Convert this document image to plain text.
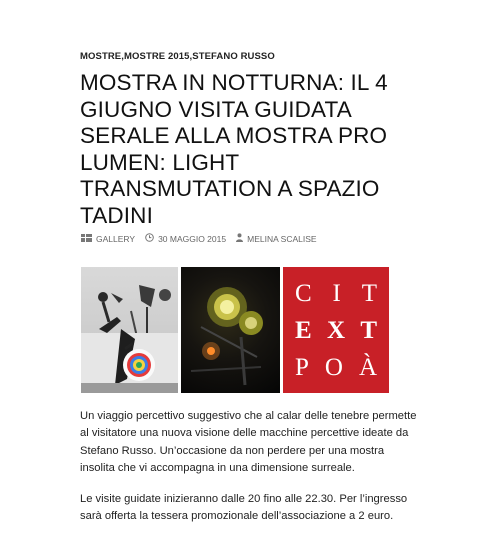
MOSTRE,MOSTRE 2015,STEFANO RUSSO
MOSTRA IN NOTTURNA: IL 4 GIUGNO VISITA GUIDATA SERALE ALLA MOSTRA PRO LUMEN: LIGHT TRANSMUTATION A SPAZIO TADINI
GALLERY	30 MAGGIO 2015 MELINA SCALISE
C I T
E X T
P O À

Un viaggio percettivo suggestivo che al calar delle tenebre permette al visitatore una nuova visione delle macchine percettive ideate da Stefano Russo. Un’occasione da non perdere per una mostra insolita che vi accompagna in una dimensione surreale.

Le visite guidate inizieranno dalle 20 fino alle 22.30. Per l’ingresso sarà offerta la tessera promozionale dell’associazione a 2 euro.
